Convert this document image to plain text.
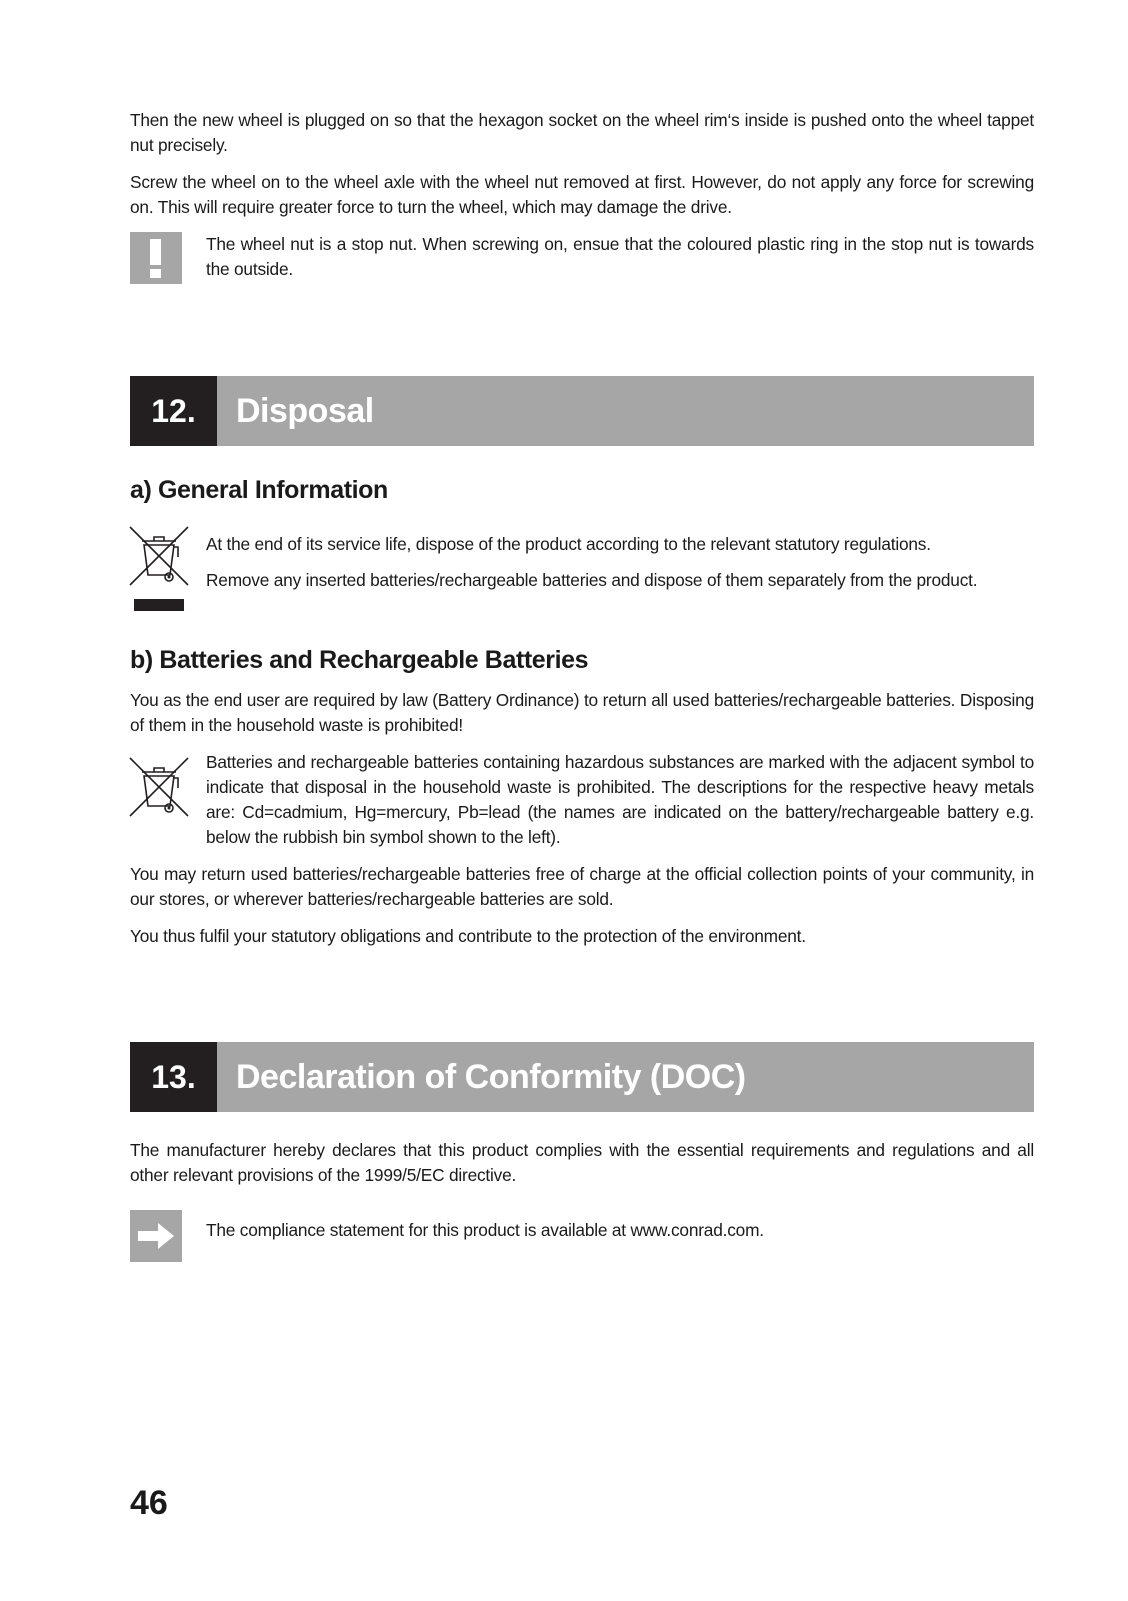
Then the new wheel is plugged on so that the hexagon socket on the wheel rim‘s inside is pushed onto the wheel tappet nut precisely.

Screw the wheel on to the wheel axle with the wheel nut removed at first. However, do not apply any force for screwing on. This will require greater force to turn the wheel, which may damage the drive.

The wheel nut is a stop nut. When screwing on, ensue that the coloured plastic ring in the stop nut is towards the outside.

12.	Disposal
a) General Information

At the end of its service life, dispose of the product according to the relevant statutory regulations.

Remove any inserted batteries/rechargeable batteries and dispose of them separately from the product.

b) Batteries and Rechargeable Batteries

You as the end user are required by law (Battery Ordinance) to return all used batteries/rechargeable batteries. Disposing of them in the household waste is prohibited!

Batteries and rechargeable batteries containing hazardous substances are marked with the adjacent symbol to indicate that disposal in the household waste is prohibited. The descriptions for the respective heavy metals are: Cd=cadmium, Hg=mercury, Pb=lead (the names are indicated on the battery/rechargeable battery e.g. below the rubbish bin symbol shown to the left).

You may return used batteries/rechargeable batteries free of charge at the official collection points of your community, in our stores, or wherever batteries/rechargeable batteries are sold.

You thus fulfil your statutory obligations and contribute to the protection of the environment.

13.	Declaration of Conformity (DOC)

The manufacturer hereby declares that this product complies with the essential requirements and regulations and all other relevant provisions of the 1999/5/EC directive.

The compliance statement for this product is available at www.conrad.com.

46
